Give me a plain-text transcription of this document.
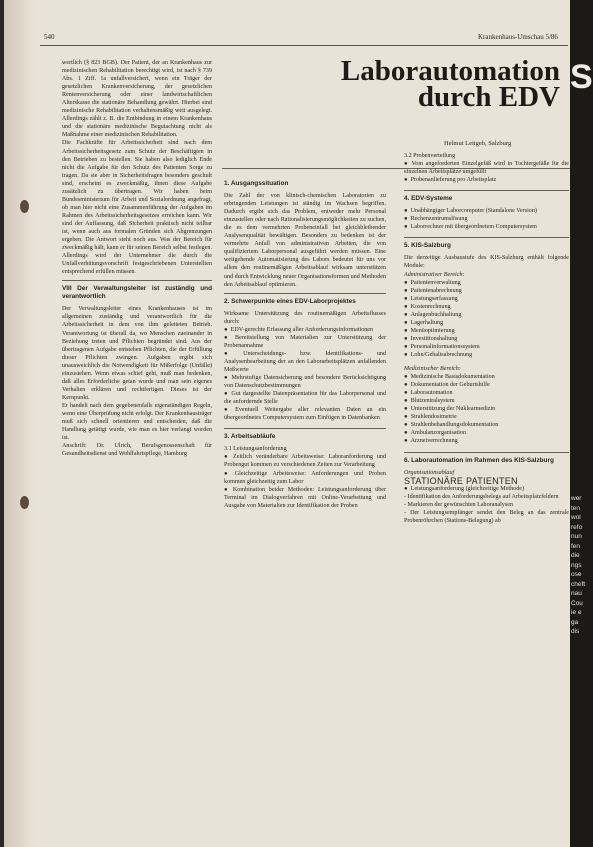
540	Krankenhaus-Umschau 5/86

wertlich (§ 823 BGB). Der Patient, der an Krankenhaus zur medizinischen Rehabilitation berechtigt wird, ist nach § 739 Abs. 1 Ziff. 1a unfallversichert, wenn ein Träger der gesetzlichen Krankenversicherung, der gesetzlichen Rentenversicherung oder einer landwirtschaftlichen Alterskasse die stationäre Behandlung gewährt. Hierbei sind medizinische Rehabilitation verhaltensmäßig weit ausgelegt. Allerdings zählt z. B. die Entbindung in einem Krankenhaus und die stationäre medizinische Begutachtung nicht als Maßnahme einer medizinischen Rehabilitation.

Die Fachkräfte für Arbeitssicherheit sind nach dem Arbeitssicherheitsgesetz zum Schutz der Beschäftigten in den Betrieben zu bestellen. Sie haben also lediglich Ende nicht die Aufgabe für den Schutz des Patienten Sorge zu tragen. Da sie aber in Sicherheitsfragen besonders geschult sind, erscheint es zweckmäßig, ihnen diese Aufgabe zusätzlich zu übertragen. Wir haben beim Bundesministerium für Arbeit und Sozialordnung angefragt, ob man hier nicht eine Zusammenführung der Aufgaben im Rahmen des Arbeitssicherheitsgesetzes erreichen kann. Wir sind der Auffassung, daß Sicherheit praktisch nicht teilbar ist, wenn auch aus formalen Gründen sich Abgrenzungen ergeben. Die Antwort steht noch aus. Was der Bereich für zweckmäßig hält, kann er für seinen Bereich selbst festlegen. Allerdings wird der Unternehmer die durch die Unfallverhütungsvorschrift festgeschriebenen Unterstellten entsprechend erfüllen müssen.

VIII Der Verwaltungsleiter ist zuständig und verantwortlich

Der Verwaltungsleiter eines Krankenhauses ist im allgemeinen zuständig und verantwortlich für die Arbeitssicherheit in dem von ihm geleiteten Betrieb. Verantwortung ist überall da, wo Menschen zueinander in Beziehung treten und Pflichten begründet sind. Aus der übertragenen Aufgabe entstehen Pflichten, die der Erfüllung dieser Pflichten zwingen. Aufgaben ergibt sich unausweichlich die Notwendigkeit für Mißerfolge (Unfälle) einzustehen. Wenn etwas schief geht, muß man bedenken, daß alles Erforderliche getan wurde und man sein eigenes Verhalten erklären und rechtfertigen. Dieses ist der Kernpunkt.

Er handelt nach dem gegebenenfalls eigenständigen Regeln, wenn eine Überprüfung nicht erfolgt. Der Krankenhausträger muß sich schnell orientieren und entscheiden, daß die Handlung getätigt wurde, wie man es hier verlangt worden ist.

Anschrift: Dr. Ulrich, Berufsgenossenschaft für Gesundheitsdienst und Wohlfahrtspflege, Hamburg

Laborautomation
durch EDV
Helmut Leitgeb, Salzburg

1. Ausgangssituation

Die Zahl der von klinisch-chemischen Laboratorien zu erbringenden Leistungen ist ständig im Wachsen begriffen. Dadurch ergibt sich das Problem, entweder mehr Personal einzustellen oder nach Rationalisierungsmöglichkeiten zu suchen, die es dem vermehrten Probeneinfall bei gleichbleibender Analysenqualität bewältigen. Besonders zu bedenken ist der vermehrte Anfall von administrativen Arbeiten, die von qualifiziertem Laborpersonal ausgeführt werden müssen. Eine weitgehende Automatisierung des Labors bedeutet für uns vor allem den routinemäßigen Arbeitsablauf wirksam unterstützen und durch Entwicklung neuer Organisationsformen und Methoden den Arbeitsablauf optimieren.

2. Schwerpunkte eines EDV-Laborprojektes

Wirksame Unterstützung des routinemäßigen Arbeitsflusses durch:

● EDV-gerechte Erfassung aller Anforderungsinformationen

● Bereitstellung von Materialien zur Unterstützung der Probenannahme

● Unterscheidungs- bzw. Identifikations- und Analysenbearbeitung der an den Laborarbeitsplätzen anfallenden Meßwerte

● Mehrstufige Datensicherung und besondere Berücksichtigung von Datenschutzbestimmungen

● Gut dargestellte Datenpräsentation für das Laborpersonal und die anfordernde Stelle

● Eventuell Weitergabe aller relevanten Daten an ein übergeordnetes Computersystem zum Einfügen in Datenbanken

3. Arbeitsabläufe

3.1 Leistungsanforderung

● Zeitlich veränderbare Arbeitsweise: Laboranforderung und Probengut kommen zu verschiedenen Zeiten zur Verarbeitung

● Gleichzeitige Arbeitsweise: Anforderungen und Proben kommen gleichzeitig zum Labor

● Kombination beider Methoden: Leistungsanforderung über Terminal im Dialogverfahren mit Online-Verarbeitung und Ausgabe von Materialien zur Identifikation der Proben

3.2 Probenverteilung

● Vom angeforderten Einzelgefäß wird in Tochtergefäße für die einzelnen Arbeitsplätze umgefüllt

● Probenanlieferung pro Arbeitsplatz

4. EDV-Systeme

● Unabhängiger Laborcomputer (Standalone Version)

● Rechenzentrumslösung

● Laborrechner mit übergeordnetem Computersystem

5. KIS-Salzburg

Die derzeitige Ausbaustufe des KIS-Salzburg enthält folgende Module:

Administrativer Bereich:

● Patientenverwaltung

● Patientenabrechnung

● Leistungserfassung

● Kostenrechnung

● Anlagenbuchhaltung

● Lagerhaltung

● Menüoptimierung

● Investitionshaltung

● Personalinformationssystem

● Lohn/Gehaltsabrechnung

Medizinischer Bereich:

● Medizinische Basisdokumentation

● Dokumentation der Geburtshilfe

● Laborautomation

● Blutzentralsystem

● Unterstützung der Nuklearmedizin

● Strahlendosimetrie

● Strahlenbehandlungsdokumentation

● Ambulanzorganisation

● Arzneiverrechnung

6. Laborautomation im Rahmen des KIS-Salzburg

Organisationsablauf

STATIONÄRE PATIENTEN

● Leistungsanforderung (gleichzeitige Methode)

- Identifikation des Anforderungsbelegs auf Arbeitsplatzfeldern

- Markieren der gewünschten Laboranalysen

- Der Leistungsempfänger sendet den Beleg an das zentrale Probenröhrchen (Stations-Belegung) ab

wer
ten
wol
refo
nun
fen
die
ngs
ose
cheft
nau
Cou
ie e
ga
dis
S
